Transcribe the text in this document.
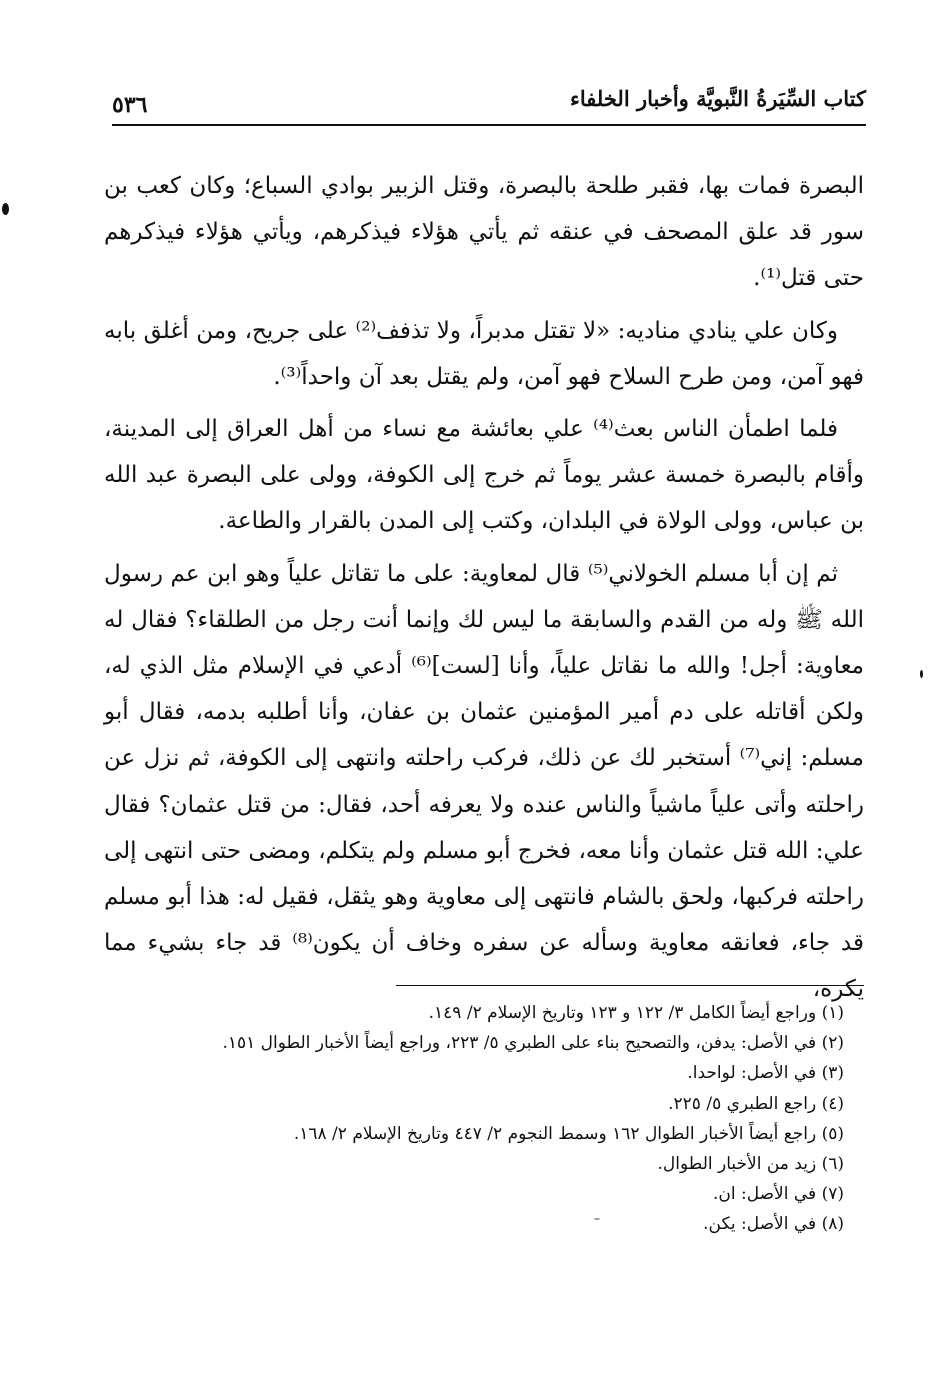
كتاب السِّيَرةُ النَّبويَّة وأخبار الخلفاء
٥٣٦

البصرة فمات بها، فقبر طلحة بالبصرة، وقتل الزبير بوادي السباع؛ وكان كعب بن سور قد علق المصحف في عنقه ثم يأتي هؤلاء فيذكرهم، ويأتي هؤلاء فيذكرهم حتى قتل⁽¹⁾.

وكان علي ينادي مناديه: «لا تقتل مدبراً، ولا تذفف⁽²⁾ على جريح، ومن أغلق بابه فهو آمن، ومن طرح السلاح فهو آمن، ولم يقتل بعد آن واحداً⁽³⁾.

فلما اطمأن الناس بعث⁽⁴⁾ علي بعائشة مع نساء من أهل العراق إلى المدينة، وأقام بالبصرة خمسة عشر يوماً ثم خرج إلى الكوفة، وولى على البصرة عبد الله بن عباس، وولى الولاة في البلدان، وكتب إلى المدن بالقرار والطاعة.

ثم إن أبا مسلم الخولاني⁽⁵⁾ قال لمعاوية: على ما تقاتل علياً وهو ابن عم رسول الله ﷺ وله من القدم والسابقة ما ليس لك وإنما أنت رجل من الطلقاء؟ فقال له معاوية: أجل! والله ما نقاتل علياً، وأنا [لست]⁽⁶⁾ أدعي في الإسلام مثل الذي له، ولكن أقاتله على دم أمير المؤمنين عثمان بن عفان، وأنا أطلبه بدمه، فقال أبو مسلم: إني⁽⁷⁾ أستخبر لك عن ذلك، فركب راحلته وانتهى إلى الكوفة، ثم نزل عن راحلته وأتى علياً ماشياً والناس عنده ولا يعرفه أحد، فقال: من قتل عثمان؟ فقال علي: الله قتل عثمان وأنا معه، فخرج أبو مسلم ولم يتكلم، ومضى حتى انتهى إلى راحلته فركبها، ولحق بالشام فانتهى إلى معاوية وهو يثقل، فقيل له: هذا أبو مسلم قد جاء، فعانقه معاوية وسأله عن سفره وخاف أن يكون⁽⁸⁾ قد جاء بشيء مما يكره،

(١) وراجع أيضاً الكامل ٣/ ١٢٢ و ١٢٣ وتاريخ الإسلام ٢/ ١٤٩.

(٢) في الأصل: يدفن، والتصحيح بناء على الطبري ٥/ ٢٢٣، وراجع أيضاً الأخبار الطوال ١٥١.

(٣) في الأصل: لواحدا.

(٤) راجع الطبري ٥/ ٢٢٥.

(٥) راجع أيضاً الأخبار الطوال ١٦٢ وسمط النجوم ٢/ ٤٤٧ وتاريخ الإسلام ٢/ ١٦٨.

(٦) زيد من الأخبار الطوال.

(٧) في الأصل: ان.

(٨) في الأصل: يكن.
